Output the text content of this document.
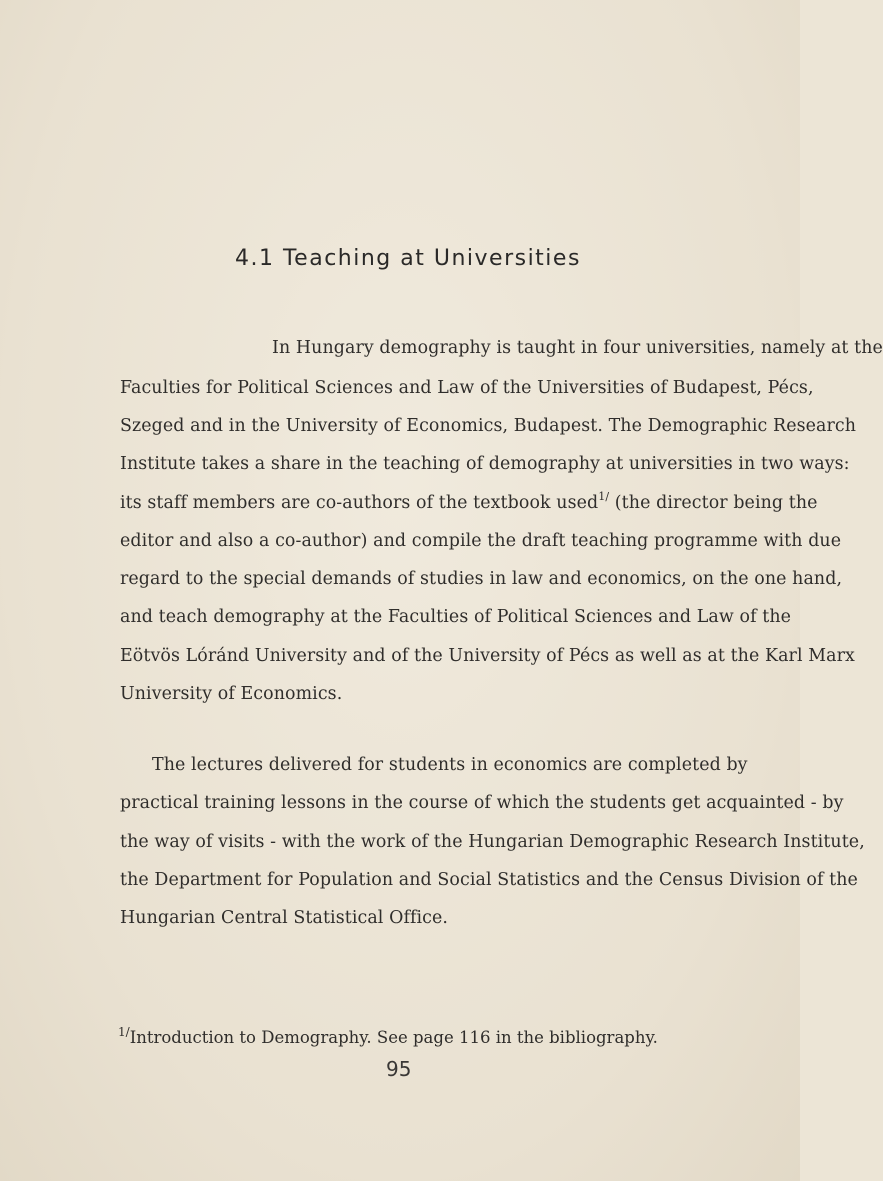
4.1 Teaching at Universities
In Hungary demography is taught in four universities, namely at the
Faculties for Political Sciences and Law of the Universities of Budapest, Pécs,
Szeged and in the University of Economics, Budapest. The Demographic Research
Institute takes a share in the teaching of demography at universities in two ways:
its staff members are co-authors of the textbook used$^{1/}$ (the director being the
editor and also a co-author) and compile the draft teaching programme with due
regard to the special demands of studies in law and economics, on the one hand,
and teach demography at the Faculties of Political Sciences and Law of the
Eötvös Lóránd University and of the University of Pécs as well as at the Karl Marx
University of Economics.
The lectures delivered for students in economics are completed by
practical training lessons in the course of which the students get acquainted - by
the way of visits - with the work of the Hungarian Demographic Research Institute,
the Department for Population and Social Statistics and the Census Division of the
Hungarian Central Statistical Office.
$^{1/}$Introduction to Demography. See page 116 in the bibliography.
95
